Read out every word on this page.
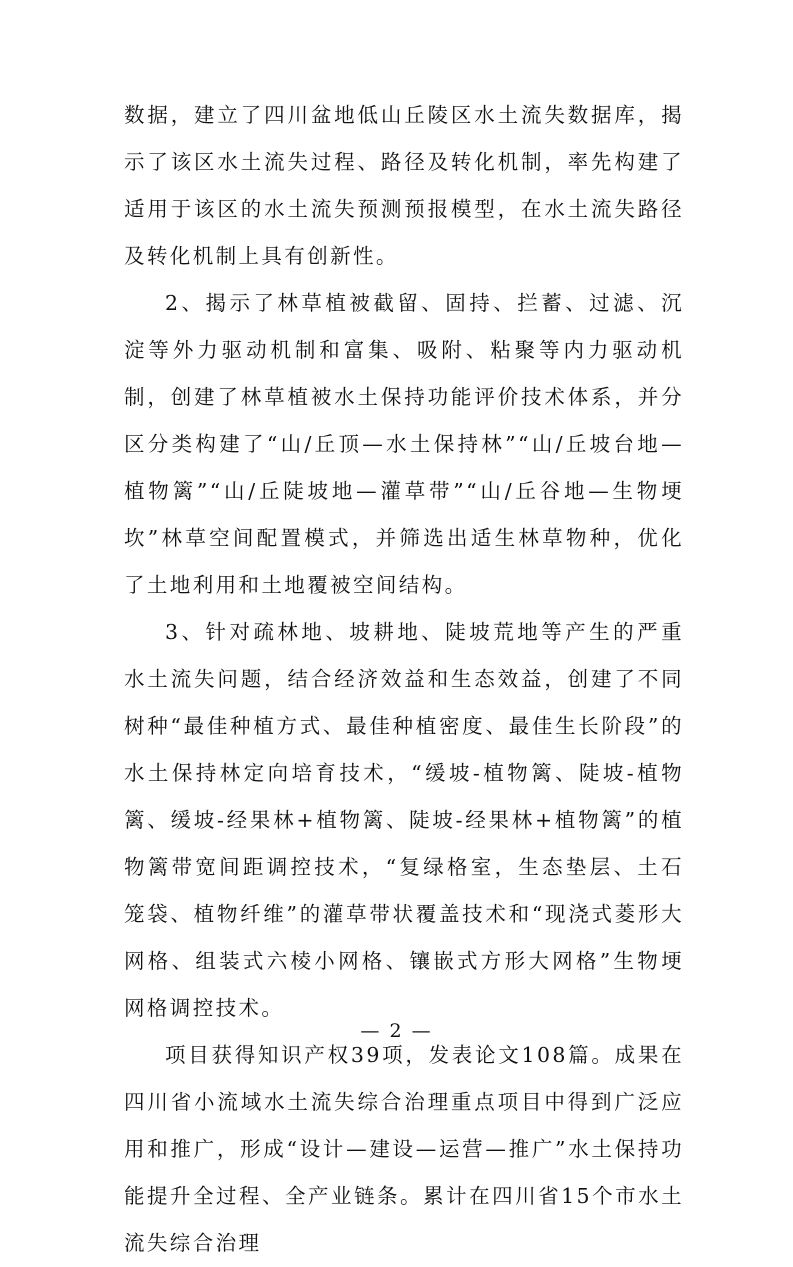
数据，建立了四川盆地低山丘陵区水土流失数据库，揭示了该区水土流失过程、路径及转化机制，率先构建了适用于该区的水土流失预测预报模型，在水土流失路径及转化机制上具有创新性。

2、揭示了林草植被截留、固持、拦蓄、过滤、沉淀等外力驱动机制和富集、吸附、粘聚等内力驱动机制，创建了林草植被水土保持功能评价技术体系，并分区分类构建了“山/丘顶—水土保持林”“山/丘坡台地—植物篱”“山/丘陡坡地—灌草带”“山/丘谷地—生物埂坎”林草空间配置模式，并筛选出适生林草物种，优化了土地利用和土地覆被空间结构。

3、针对疏林地、坡耕地、陡坡荒地等产生的严重水土流失问题，结合经济效益和生态效益，创建了不同树种“最佳种植方式、最佳种植密度、最佳生长阶段”的水土保持林定向培育技术，“缓坡-植物篱、陡坡-植物篱、缓坡-经果林+植物篱、陡坡-经果林+植物篱”的植物篱带宽间距调控技术，“复绿格室，生态垫层、土石笼袋、植物纤维”的灌草带状覆盖技术和“现浇式菱形大网格、组装式六棱小网格、镶嵌式方形大网格”生物埂网格调控技术。

项目获得知识产权39项，发表论文108篇。成果在四川省小流域水土流失综合治理重点项目中得到广泛应用和推广，形成“设计—建设—运营—推广”水土保持功能提升全过程、全产业链条。累计在四川省15个市水土流失综合治理

— 2 —
